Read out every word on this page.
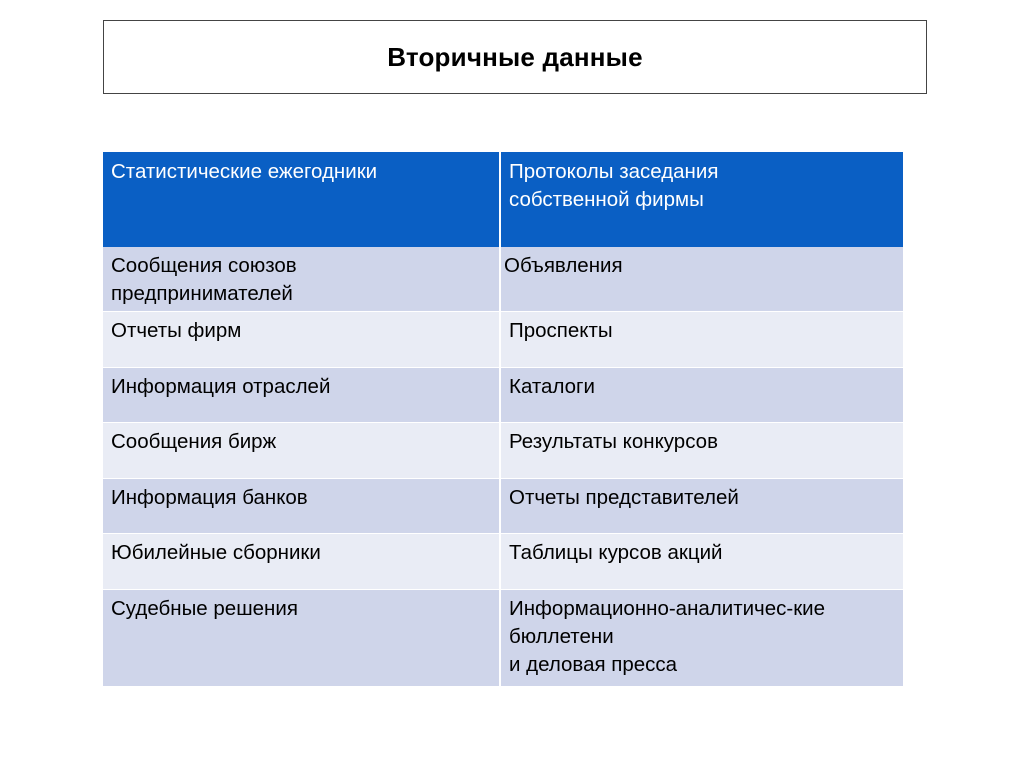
Вторичные данные
Статистические ежегодники	Протоколы заседания
собственной фирмы

Сообщения союзов
предпринимателей	Объявления

Отчеты фирм	Проспекты

Информация отраслей	Каталоги

Сообщения бирж	Результаты конкурсов

Информация банков	Отчеты представителей

Юбилейные сборники	Таблицы курсов акций

Судебные решения	Информационно-аналитичес-кие
бюллетени
и деловая пресса
